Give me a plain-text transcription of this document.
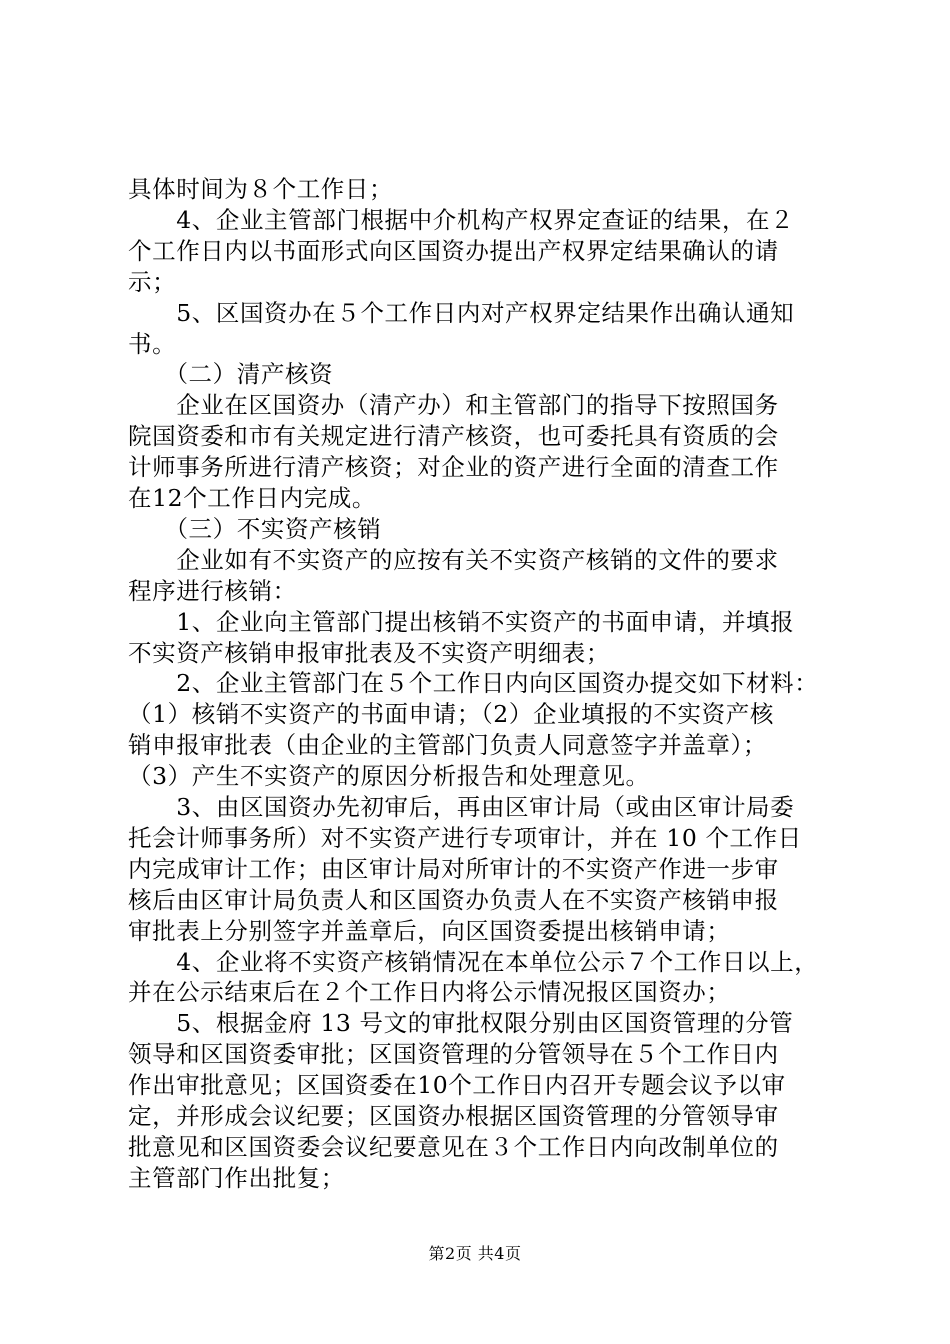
具体时间为８个工作日；
　　4、企业主管部门根据中介机构产权界定查证的结果，在２
个工作日内以书面形式向区国资办提出产权界定结果确认的请
示；
　　5、区国资办在５个工作日内对产权界定结果作出确认通知
书。
　　（二）清产核资
　　企业在区国资办（清产办）和主管部门的指导下按照国务
院国资委和市有关规定进行清产核资，也可委托具有资质的会
计师事务所进行清产核资；对企业的资产进行全面的清查工作
在12个工作日内完成。
　　（三）不实资产核销
　　企业如有不实资产的应按有关不实资产核销的文件的要求
程序进行核销：
　　1、企业向主管部门提出核销不实资产的书面申请，并填报
不实资产核销申报审批表及不实资产明细表；
　　2、企业主管部门在５个工作日内向区国资办提交如下材料：
（1）核销不实资产的书面申请；（2）企业填报的不实资产核
销申报审批表（由企业的主管部门负责人同意签字并盖章）；
（3）产生不实资产的原因分析报告和处理意见。
　　3、由区国资办先初审后，再由区审计局（或由区审计局委
托会计师事务所）对不实资产进行专项审计，并在 10 个工作日
内完成审计工作；由区审计局对所审计的不实资产作进一步审
核后由区审计局负责人和区国资办负责人在不实资产核销申报
审批表上分别签字并盖章后，向区国资委提出核销申请；
　　4、企业将不实资产核销情况在本单位公示７个工作日以上，
并在公示结束后在２个工作日内将公示情况报区国资办；
　　5、根据金府 13 号文的审批权限分别由区国资管理的分管
领导和区国资委审批；区国资管理的分管领导在５个工作日内
作出审批意见；区国资委在10个工作日内召开专题会议予以审
定，并形成会议纪要；区国资办根据区国资管理的分管领导审
批意见和区国资委会议纪要意见在３个工作日内向改制单位的
主管部门作出批复；
第2页 共4页
